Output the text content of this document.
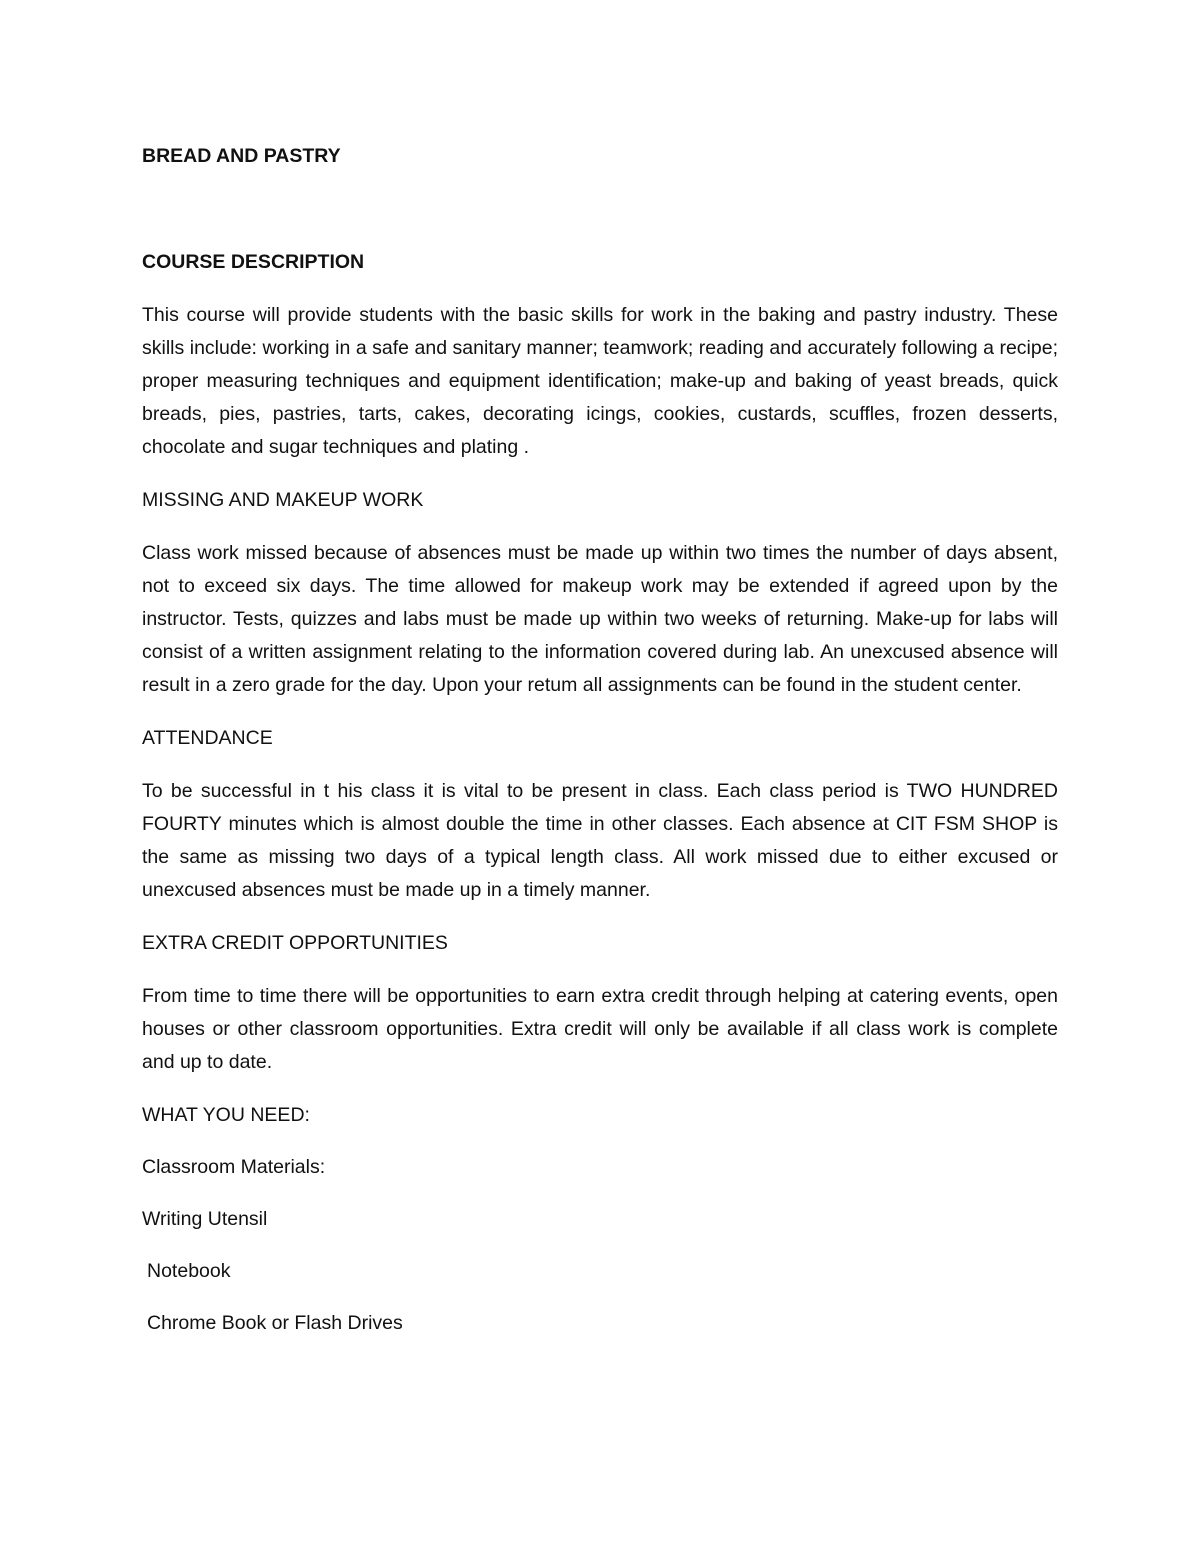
BREAD AND PASTRY

COURSE DESCRIPTION

This course will provide students with the basic skills for work in the baking and pastry industry. These skills include: working in a safe and sanitary manner; teamwork; reading and accurately following a recipe; proper measuring techniques and equipment identification; make-up and baking of yeast breads, quick breads, pies, pastries, tarts, cakes, decorating icings, cookies, custards, scuffles, frozen desserts, chocolate and sugar techniques and plating .

MISSING AND MAKEUP WORK

Class work missed because of absences must be made up within two times the number of days absent, not to exceed six days. The time allowed for makeup work may be extended if agreed upon by the instructor. Tests, quizzes and labs must be made up within two weeks of returning. Make-up for labs will consist of a written assignment relating to the information covered during lab. An unexcused absence will result in a zero grade for the day. Upon your retum all assignments can be found in the student center.

ATTENDANCE

To be successful in t his class it is vital to be present in class. Each class period is TWO HUNDRED FOURTY minutes which is almost double the time in other classes. Each absence at CIT FSM SHOP is the same as missing two days of a typical length class. All work missed due to either excused or unexcused absences must be made up in a timely manner.

EXTRA CREDIT OPPORTUNITIES

From time to time there will be opportunities to earn extra credit through helping at catering events, open houses or other classroom opportunities. Extra credit will only be available if all class work is complete and up to date.

WHAT YOU NEED:

Classroom Materials:

Writing Utensil

Notebook

Chrome Book or Flash Drives
